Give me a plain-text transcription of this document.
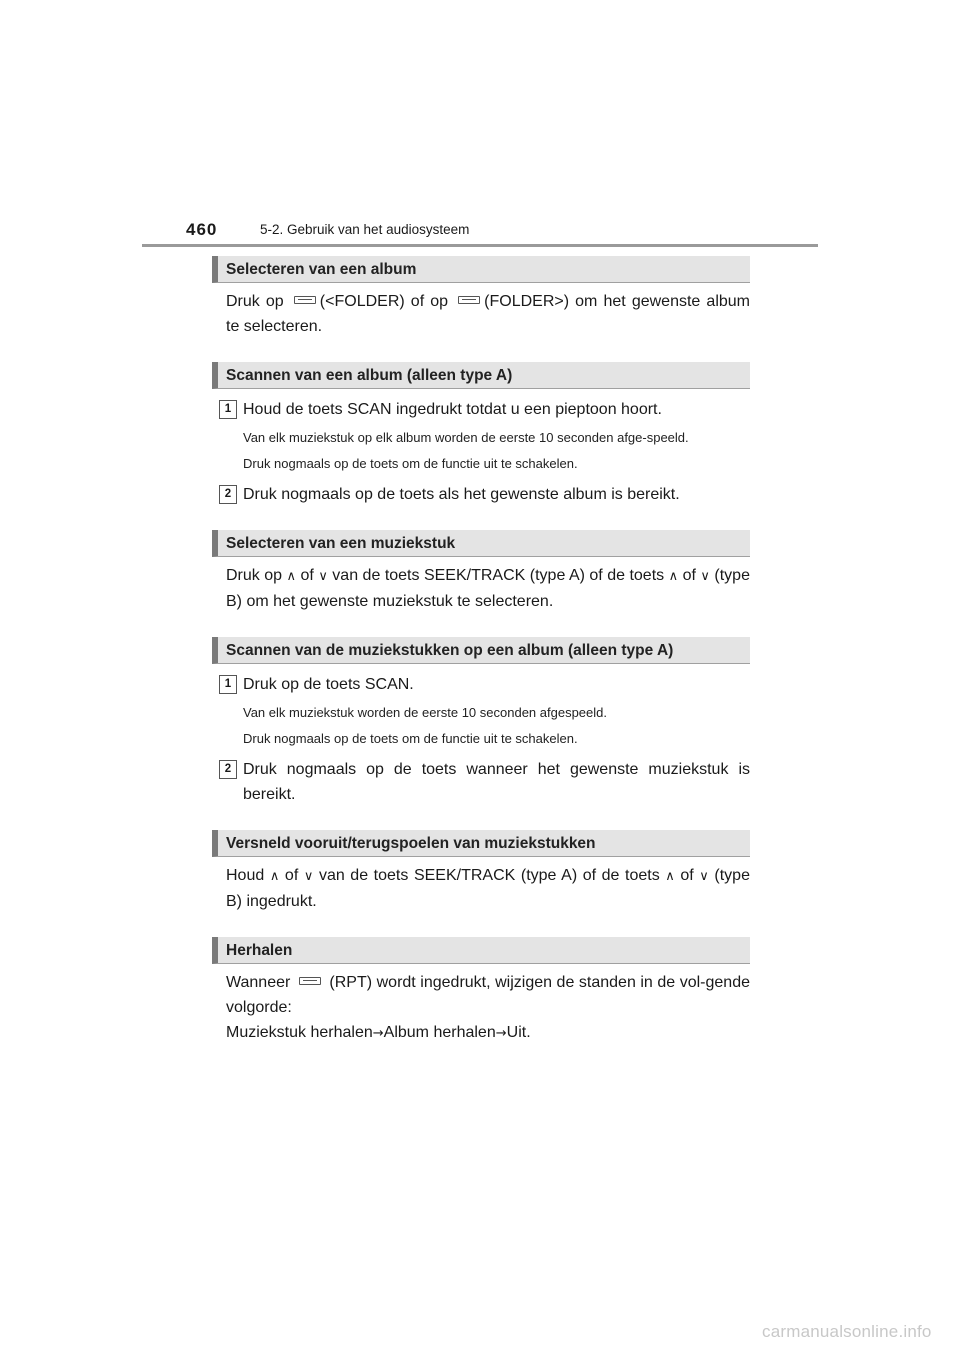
460	5-2. Gebruik van het audiosysteem
Selecteren van een album
Druk op (<FOLDER) of op (FOLDER>) om het gewenste album te selecteren.
Scannen van een album (alleen type A)
1 Houd de toets SCAN ingedrukt totdat u een pieptoon hoort.
Van elk muziekstuk op elk album worden de eerste 10 seconden afge-speeld.
Druk nogmaals op de toets om de functie uit te schakelen.
2 Druk nogmaals op de toets als het gewenste album is bereikt.
Selecteren van een muziekstuk
Druk op ∧ of ∨ van de toets SEEK/TRACK (type A) of de toets ∧ of ∨ (type B) om het gewenste muziekstuk te selecteren.
Scannen van de muziekstukken op een album (alleen type A)
1 Druk op de toets SCAN.
Van elk muziekstuk worden de eerste 10 seconden afgespeeld.
Druk nogmaals op de toets om de functie uit te schakelen.
2 Druk nogmaals op de toets wanneer het gewenste muziekstuk is bereikt.
Versneld vooruit/terugspoelen van muziekstukken
Houd ∧ of ∨ van de toets SEEK/TRACK (type A) of de toets ∧ of ∨ (type B) ingedrukt.
Herhalen
Wanneer (RPT) wordt ingedrukt, wijzigen de standen in de vol-gende volgorde:
Muziekstuk herhalen→Album herhalen→Uit.
carmanualsonline.info
